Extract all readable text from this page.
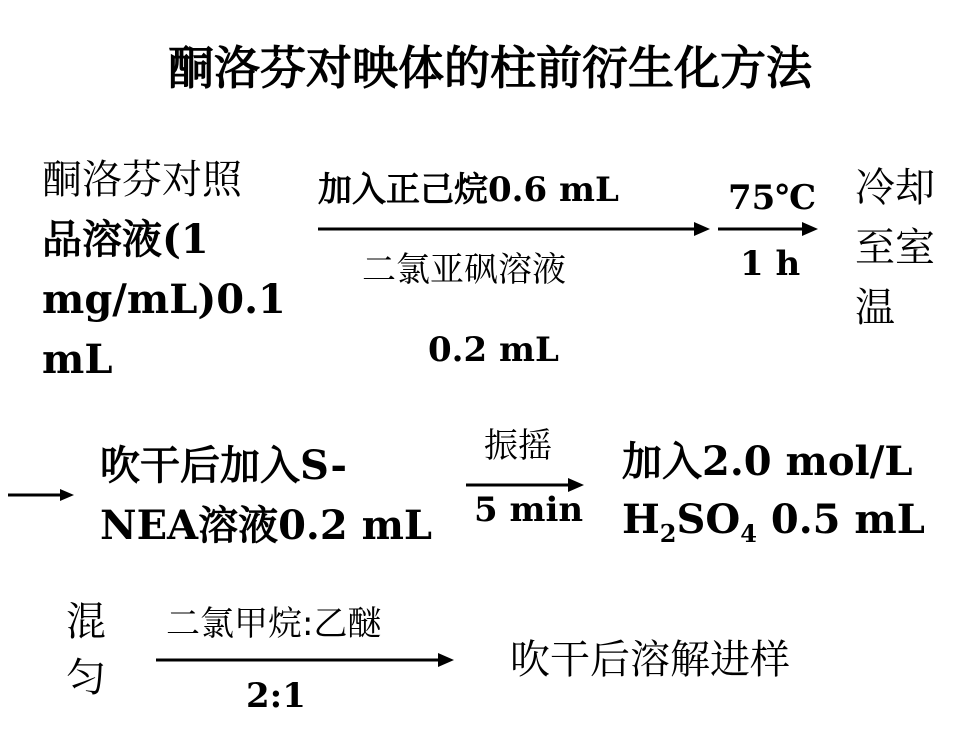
酮洛芬对映体的柱前衍生化方法
酮洛芬对照
品溶液(1
mg/mL)0.1
mL
加入正己烷0.6 mL
二氯亚砜溶液
0.2 mL
75℃
1 h
冷却
至室
温
吹干后加入S-
NEA溶液0.2 mL
振摇
5 min
加入2.0 mol/L
$H_2SO_4$ 0.5 mL
混
匀
二氯甲烷:乙醚
2:1
吹干后溶解进样
